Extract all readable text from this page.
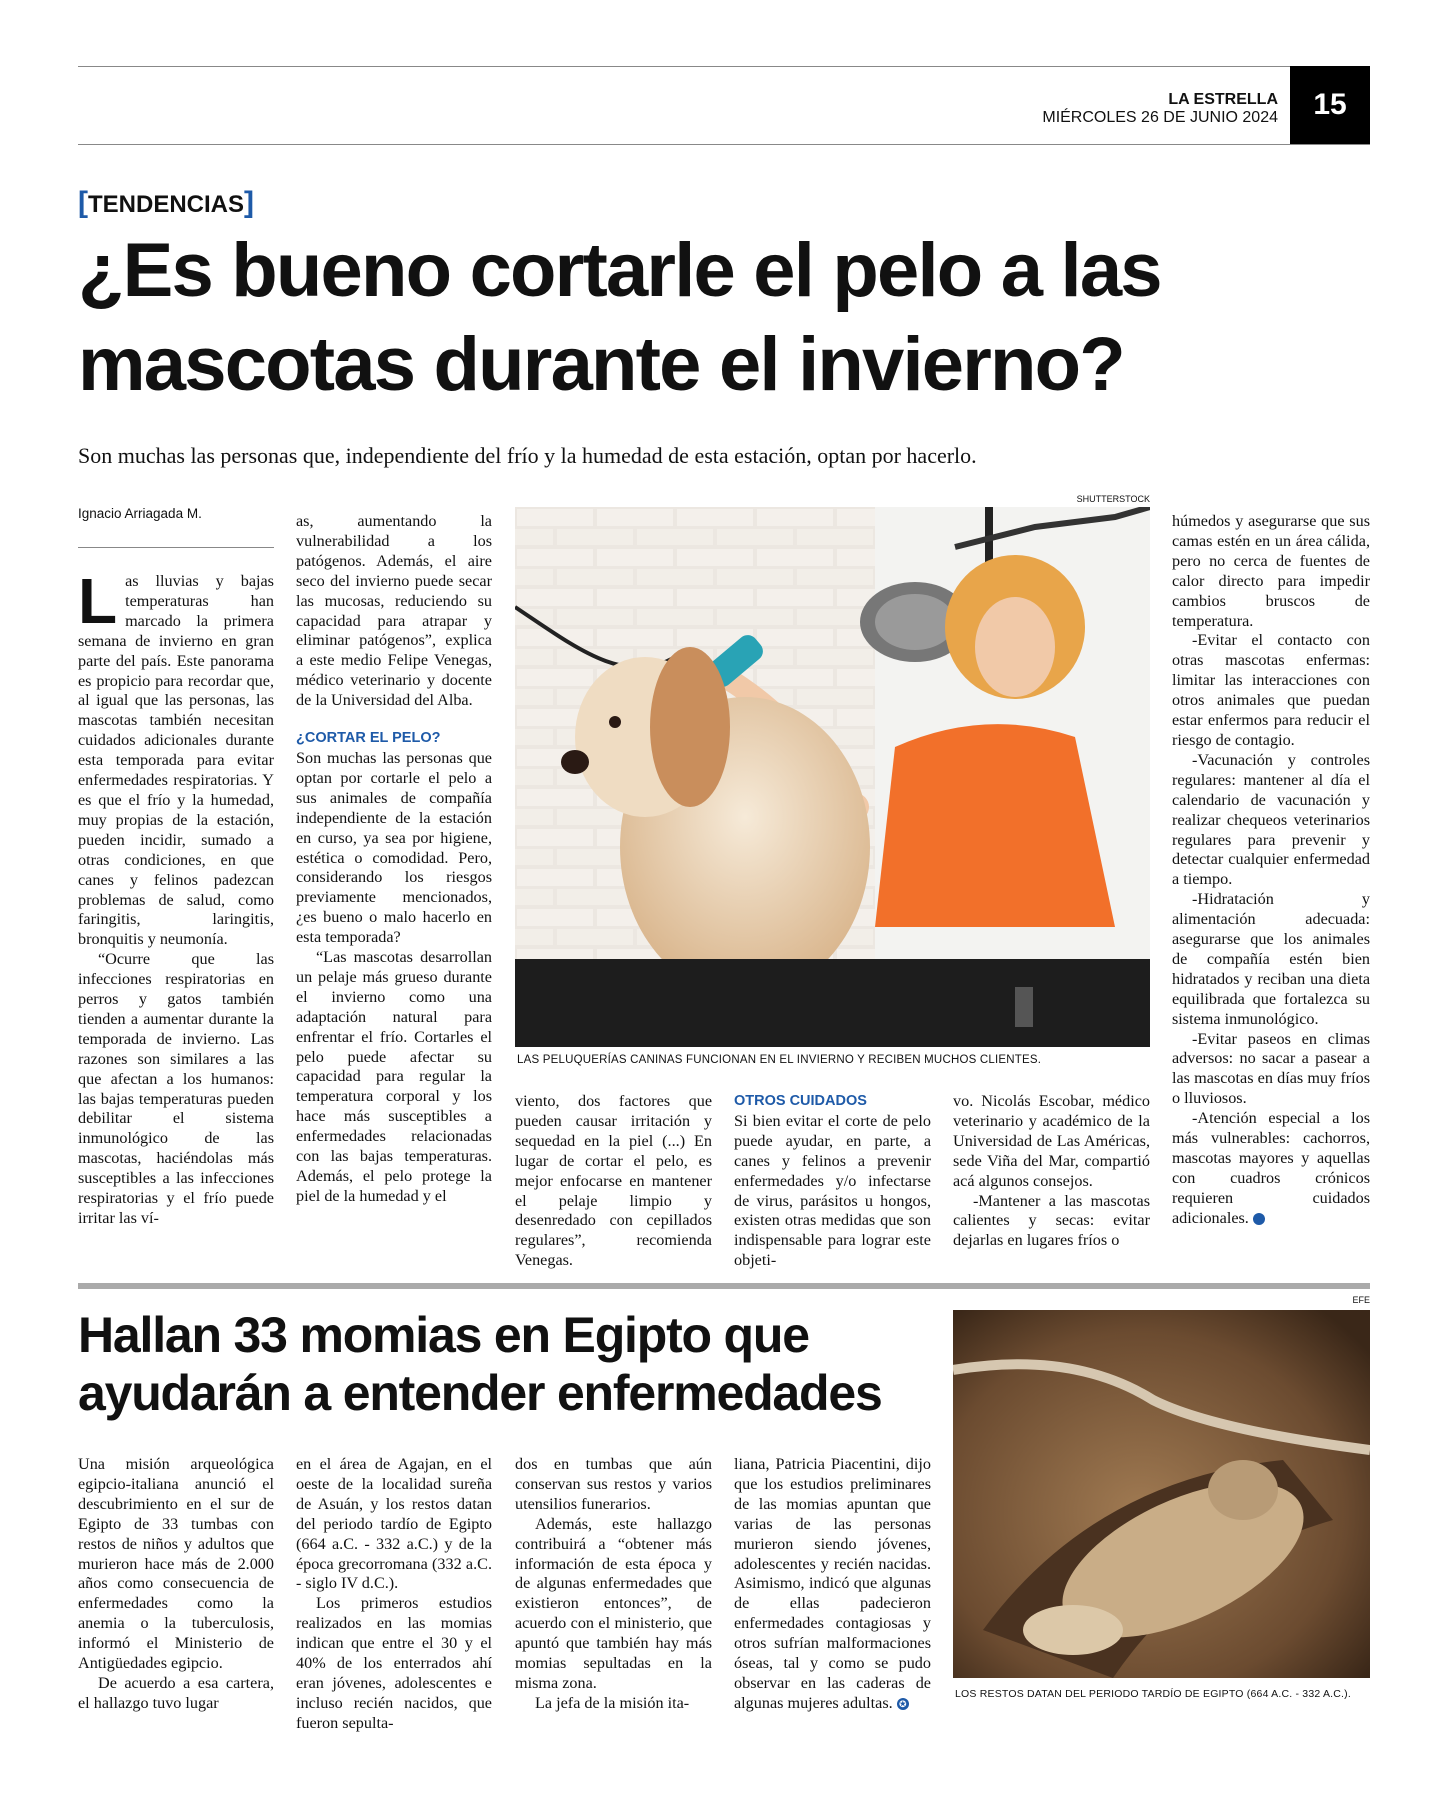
LA ESTRELLA
MIÉRCOLES 26 DE JUNIO 2024	15
[TENDENCIAS]
¿Es bueno cortarle el pelo a las mascotas durante el invierno?
Son muchas las personas que, independiente del frío y la humedad de esta estación, optan por hacerlo.
Ignacio Arriagada M.

Las lluvias y bajas temperaturas han marcado la primera semana de invierno en gran parte del país. Este panorama es propicio para recordar que, al igual que las personas, las mascotas también necesitan cuidados adicionales durante esta temporada para evitar enfermedades respiratorias. Y es que el frío y la humedad, muy propias de la estación, pueden incidir, sumado a otras condiciones, en que canes y felinos padezcan problemas de salud, como faringitis, laringitis, bronquitis y neumonía.

“Ocurre que las infecciones respiratorias en perros y gatos también tienden a aumentar durante la temporada de invierno. Las razones son similares a las que afectan a los humanos: las bajas temperaturas pueden debilitar el sistema inmunológico de las mascotas, haciéndolas más susceptibles a las infecciones respiratorias y el frío puede irritar las ví-

as, aumentando la vulnerabilidad a los patógenos. Además, el aire seco del invierno puede secar las mucosas, reduciendo su capacidad para atrapar y eliminar patógenos”, explica a este medio Felipe Venegas, médico veterinario y docente de la Universidad del Alba.

¿CORTAR EL PELO?

Son muchas las personas que optan por cortarle el pelo a sus animales de compañía independiente de la estación en curso, ya sea por higiene, estética o comodidad. Pero, considerando los riesgos previamente mencionados, ¿es bueno o malo hacerlo en esta temporada?

“Las mascotas desarrollan un pelaje más grueso durante el invierno como una adaptación natural para enfrentar el frío. Cortarles el pelo puede afectar su capacidad para regular la temperatura corporal y los hace más susceptibles a enfermedades relacionadas con las bajas temperaturas. Además, el pelo protege la piel de la humedad y el

SHUTTERSTOCK
LAS PELUQUERÍAS CANINAS FUNCIONAN EN EL INVIERNO Y RECIBEN MUCHOS CLIENTES.

viento, dos factores que pueden causar irritación y sequedad en la piel (...) En lugar de cortar el pelo, es mejor enfocarse en mantener el pelaje limpio y desenredado con cepillados regulares”, recomienda Venegas.

OTROS CUIDADOS

Si bien evitar el corte de pelo puede ayudar, en parte, a canes y felinos a prevenir enfermedades y/o infectarse de virus, parásitos u hongos, existen otras medidas que son indispensable para lograr este objeti-

vo. Nicolás Escobar, médico veterinario y académico de la Universidad de Las Américas, sede Viña del Mar, compartió acá algunos consejos.

-Mantener a las mascotas calientes y secas: evitar dejarlas en lugares fríos o

húmedos y asegurarse que sus camas estén en un área cálida, pero no cerca de fuentes de calor directo para impedir cambios bruscos de temperatura.

-Evitar el contacto con otras mascotas enfermas: limitar las interacciones con otros animales que puedan estar enfermos para reducir el riesgo de contagio.

-Vacunación y controles regulares: mantener al día el calendario de vacunación y realizar chequeos veterinarios regulares para prevenir y detectar cualquier enfermedad a tiempo.

-Hidratación y alimentación adecuada: asegurarse que los animales de compañía estén bien hidratados y reciban una dieta equilibrada que fortalezca su sistema inmunológico.

-Evitar paseos en climas adversos: no sacar a pasear a las mascotas en días muy fríos o lluviosos.

-Atención especial a los más vulnerables: cachorros, mascotas mayores y aquellas con cuadros crónicos requieren cuidados adicionales.	✪

Hallan 33 momias en Egipto que ayudarán a entender enfermedades

Una misión arqueológica egipcio-italiana anunció el descubrimiento en el sur de Egipto de 33 tumbas con restos de niños y adultos que murieron hace más de 2.000 años como consecuencia de enfermedades como la anemia o la tuberculosis, informó el Ministerio de Antigüedades egipcio.

De acuerdo a esa cartera, el hallazgo tuvo lugar

en el área de Agajan, en el oeste de la localidad sureña de Asuán, y los restos datan del periodo tardío de Egipto (664 a.C. - 332 a.C.) y de la época grecorromana (332 a.C. - siglo IV d.C.).

Los primeros estudios realizados en las momias indican que entre el 30 y el 40% de los enterrados ahí eran jóvenes, adolescentes e incluso recién nacidos, que fueron sepulta-

dos en tumbas que aún conservan sus restos y varios utensilios funerarios.

Además, este hallazgo contribuirá a “obtener más información de esta época y de algunas enfermedades que existieron entonces”, de acuerdo con el ministerio, que apuntó que también hay más momias sepultadas en la misma zona.

La jefa de la misión ita-

liana, Patricia Piacentini, dijo que los estudios preliminares de las momias apuntan que varias de las personas murieron siendo jóvenes, adolescentes y recién nacidas. Asimismo, indicó que algunas de ellas padecieron enfermedades contagiosas y otros sufrían malformaciones óseas, tal y como se pudo observar en las caderas de algunas mujeres adultas. ✪

EFE
LOS RESTOS DATAN DEL PERIODO TARDÍO DE EGIPTO (664 A.C. - 332 A.C.).
